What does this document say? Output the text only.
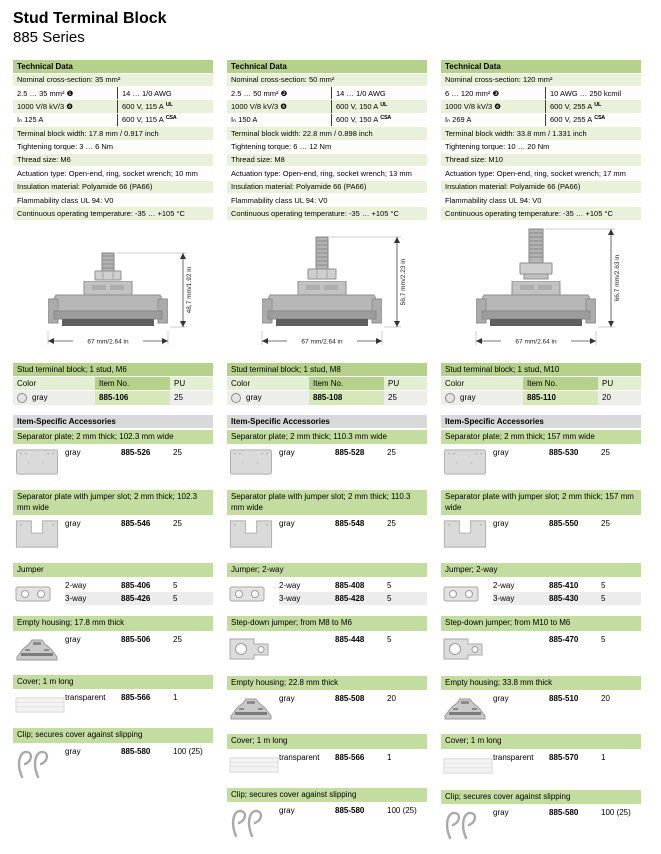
Stud Terminal Block
885 Series
Technical Data
Nominal cross-section: 35 mm²
2.5 … 35 mm² ❶	14 … 1/0 AWG
1000 V/8 kV/3 ❹	600 V, 115 A $^{UL}$
Iₙ 125 A	600 V, 115 A $^{CSA}$
Terminal block width: 17.8 mm / 0.917 inch
Tightening torque: 3 … 6 Nm
Thread size: M6
Actuation type: Open-end, ring, socket wrench; 10 mm
Insulation material: Polyamide 66 (PA66)
Flammability class UL 94: V0
Continuous operating temperature: -35 … +105 °C
48,7 mm/1.92 in
67 mm/2.64 in
Stud terminal block; 1 stud, M6
Color	Item No.	PU
gray	885-106	25
Item-Specific Accessories
Separator plate; 2 mm thick; 102.3 mm wide
gray	885-526	25
Separator plate with jumper slot; 2 mm thick; 102.3 mm wide
gray	885-546	25
Jumper
2-way	885-406	5
3-way	885-426	5
Empty housing; 17.8 mm thick
gray	885-506	25
Cover; 1 m long
transparent	885-566	1
Clip; secures cover against slipping
gray	885-580	100 (25)
Technical Data
Nominal cross-section: 50 mm²
2.5 … 50 mm² ❷	14 … 1/0 AWG
1000 V/8 kV/3 ❹	600 V, 150 A $^{UL}$
Iₙ 150 A	600 V, 150 A $^{CSA}$
Terminal block width: 22.8 mm / 0.898 inch
Tightening torque: 6 … 12 Nm
Thread size: M8
Actuation type: Open-end, ring, socket wrench; 13 mm
Insulation material: Polyamide 66 (PA66)
Flammability class UL 94: V0
Continuous operating temperature: -35 … +105 °C
56,7 mm/2.23 in
67 mm/2.64 in
Stud terminal block; 1 stud, M8
Color	Item No.	PU
gray	885-108	25
Item-Specific Accessories
Separator plate; 2 mm thick; 110.3 mm wide
gray	885-528	25
Separator plate with jumper slot; 2 mm thick; 110.3 mm wide
gray	885-548	25
Jumper; 2-way
2-way	885-408	5
3-way	885-428	5
Step-down jumper; from M8 to M6
885-448	5
Empty housing; 22.8 mm thick
gray	885-508	20
Cover; 1 m long
transparent	885-566	1
Clip; secures cover against slipping
gray	885-580	100 (25)
Technical Data
Nominal cross-section: 120 mm²
6 … 120 mm² ❸	10 AWG … 250 kcmil
1000 V/8 kV/3 ❹	600 V, 255 A $^{UL}$
Iₙ 269 A	600 V, 255 A $^{CSA}$
Terminal block width: 33.8 mm / 1.331 inch
Tightening torque: 10 … 20 Nm
Thread size: M10
Actuation type: Open-end, ring, socket wrench; 17 mm
Insulation material: Polyamide 66 (PA66)
Flammability class UL 94: V0
Continuous operating temperature: -35 … +105 °C
66,7 mm/2.63 in
67 mm/2.64 in
Stud terminal block; 1 stud, M10
Color	Item No.	PU
gray	885-110	20
Item-Specific Accessories
Separator plate; 2 mm thick; 157 mm wide
gray	885-530	25
Separator plate with jumper slot; 2 mm thick; 157 mm wide
gray	885-550	25
Jumper; 2-way
2-way	885-410	5
3-way	885-430	5
Step-down jumper; from M10 to M6
885-470	5
Empty housing; 33.8 mm thick
gray	885-510	20
Cover; 1 m long
transparent	885-570	1
Clip; secures cover against slipping
gray	885-580	100 (25)
